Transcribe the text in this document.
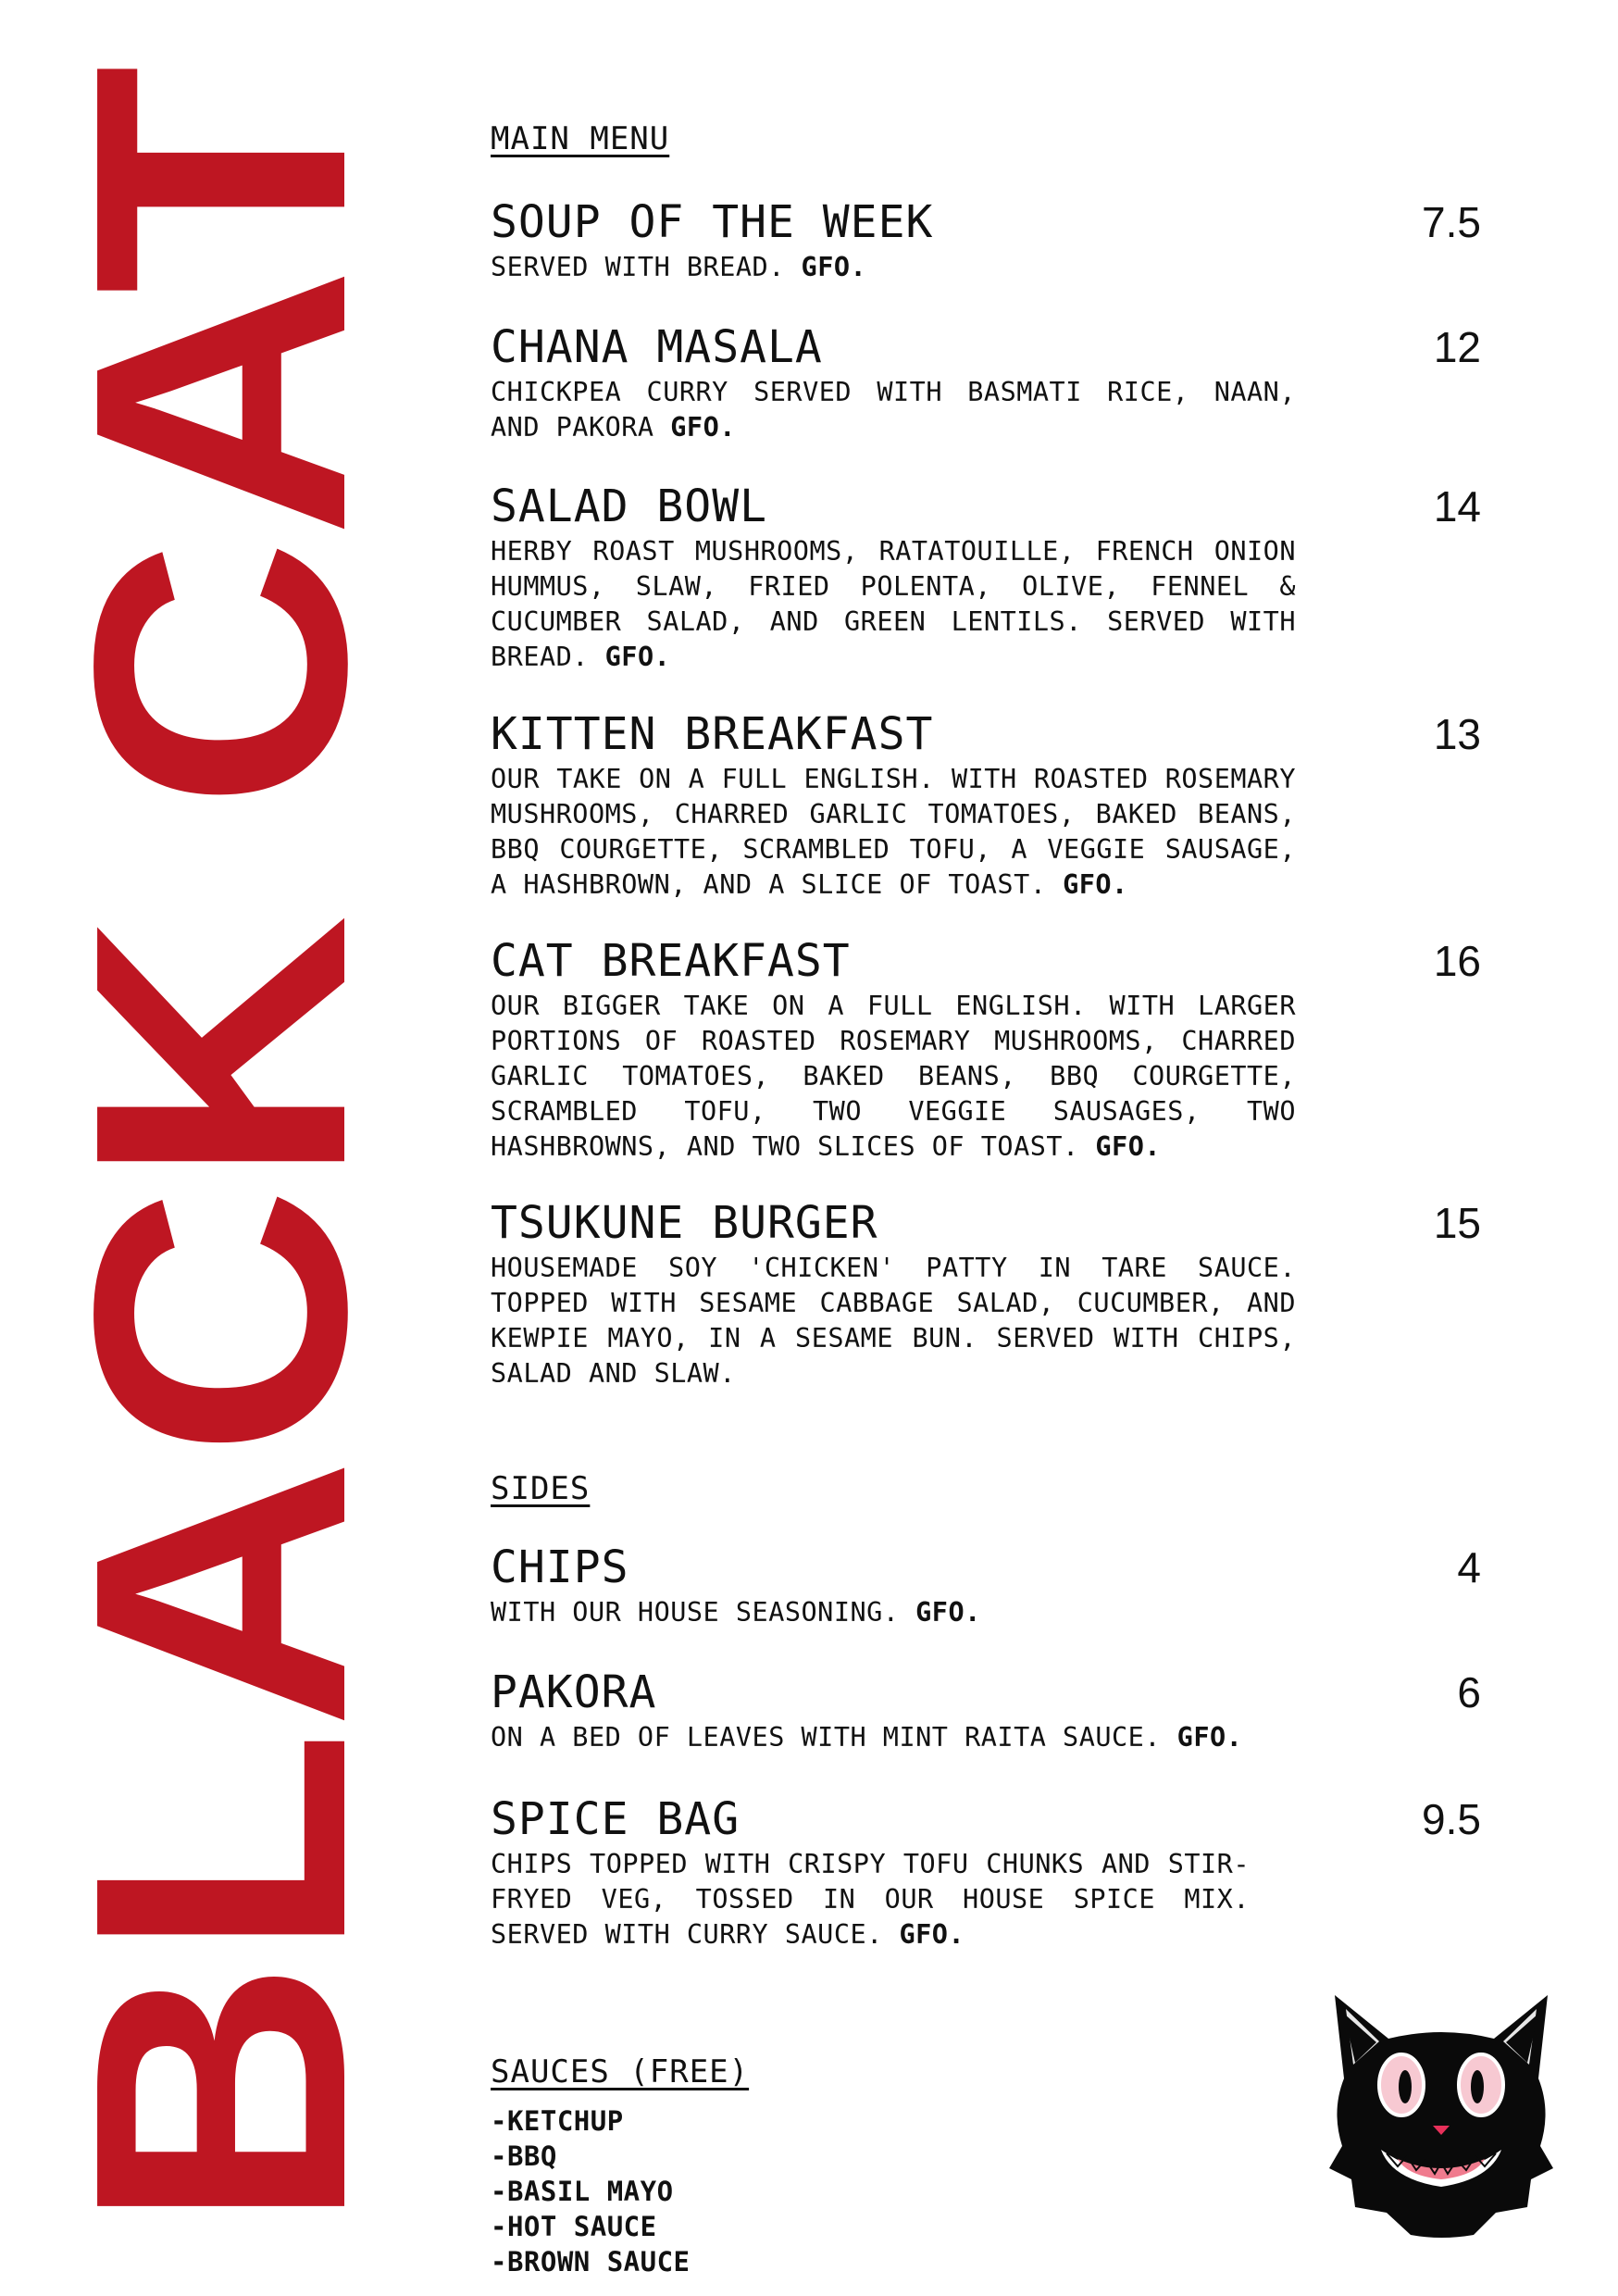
BLACK CAT
MAIN MENU
SOUP OF THE WEEK	7.5
SERVED WITH BREAD. GFO.
CHANA MASALA	12
CHICKPEA CURRY SERVED WITH BASMATI RICE, NAAN, AND PAKORA GFO.
SALAD BOWL	14
HERBY ROAST MUSHROOMS, RATATOUILLE, FRENCH ONION HUMMUS, SLAW, FRIED POLENTA, OLIVE, FENNEL & CUCUMBER SALAD, AND GREEN LENTILS. SERVED WITH BREAD. GFO.
KITTEN BREAKFAST	13
OUR TAKE ON A FULL ENGLISH. WITH ROASTED ROSEMARY MUSHROOMS, CHARRED GARLIC TOMATOES, BAKED BEANS, BBQ COURGETTE, SCRAMBLED TOFU, A VEGGIE SAUSAGE, A HASHBROWN, AND A SLICE OF TOAST. GFO.
CAT BREAKFAST	16
OUR BIGGER TAKE ON A FULL ENGLISH. WITH LARGER PORTIONS OF ROASTED ROSEMARY MUSHROOMS, CHARRED GARLIC TOMATOES, BAKED BEANS, BBQ COURGETTE, SCRAMBLED TOFU, TWO VEGGIE SAUSAGES, TWO HASHBROWNS, AND TWO SLICES OF TOAST. GFO.
TSUKUNE BURGER	15
HOUSEMADE SOY 'CHICKEN' PATTY IN TARE SAUCE. TOPPED WITH SESAME CABBAGE SALAD, CUCUMBER, AND KEWPIE MAYO, IN A SESAME BUN. SERVED WITH CHIPS, SALAD AND SLAW.
SIDES
CHIPS	4
WITH OUR HOUSE SEASONING. GFO.
PAKORA	6
ON A BED OF LEAVES WITH MINT RAITA SAUCE. GFO.
SPICE BAG	9.5
CHIPS TOPPED WITH CRISPY TOFU CHUNKS AND STIR-FRYED VEG, TOSSED IN OUR HOUSE SPICE MIX. SERVED WITH CURRY SAUCE. GFO.
SAUCES (FREE)
-KETCHUP
-BBQ
-BASIL MAYO
-HOT SAUCE
-BROWN SAUCE
